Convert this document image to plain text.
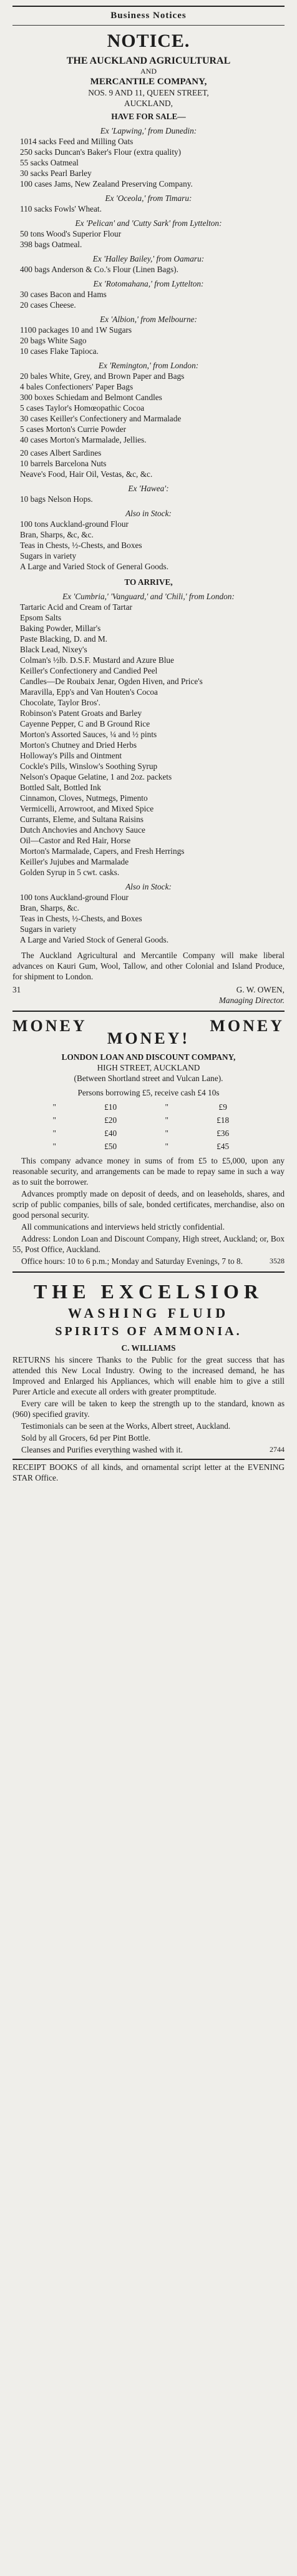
Business Notices
NOTICE.
THE AUCKLAND AGRICULTURAL
AND
MERCANTILE COMPANY,
NOS. 9 AND 11, QUEEN STREET,
AUCKLAND,
HAVE FOR SALE—
Ex 'Lapwing,' from Dunedin:
1014 sacks Feed and Milling Oats
250 sacks Duncan's Baker's Flour (extra quality)
55 sacks Oatmeal
30 sacks Pearl Barley
100 cases Jams, New Zealand Preserving Company.
Ex 'Oceola,' from Timaru:
110 sacks Fowls' Wheat.
Ex 'Pelican' and 'Cutty Sark' from Lyttelton:
50 tons Wood's Superior Flour
398 bags Oatmeal.
Ex 'Halley Bailey,' from Oamaru:
400 bags Anderson & Co.'s Flour (Linen Bags).
Ex 'Rotomahana,' from Lyttelton:
30 cases Bacon and Hams
20 cases Cheese.
Ex 'Albion,' from Melbourne:
1100 packages 10 and 1W Sugars
20 bags White Sago
10 cases Flake Tapioca.
Ex 'Remington,' from London:
20 bales White, Grey, and Brown Paper and Bags
4 bales Confectioners' Paper Bags
300 boxes Schiedam and Belmont Candles
5 cases Taylor's Homœopathic Cocoa
30 cases Keiller's Confectionery and Marmalade
5 cases Morton's Currie Powder
40 cases Morton's Marmalade, Jellies.
20 cases Albert Sardines
10 barrels Barcelona Nuts
Neave's Food, Hair Oil, Vestas, &c, &c.
Ex 'Hawea':
10 bags Nelson Hops.
Also in Stock:
100 tons Auckland-ground Flour
Bran, Sharps, &c, &c.
Teas in Chests, ½-Chests, and Boxes
Sugars in variety
A Large and Varied Stock of General Goods.
TO ARRIVE,
Ex 'Cumbria,' 'Vanguard,' and 'Chili,' from London:
Tartaric Acid and Cream of Tartar
Epsom Salts
Baking Powder, Millar's
Paste Blacking, D. and M.
Black Lead, Nixey's
Colman's ½lb. D.S.F. Mustard and Azure Blue
Keiller's Confectionery and Candied Peel
Candles—De Roubaix Jenar, Ogden Hiven, and Price's
Maravilla, Epp's and Van Houten's Cocoa
Chocolate, Taylor Bros'.
Robinson's Patent Groats and Barley
Cayenne Pepper, C and B Ground Rice
Morton's Assorted Sauces, ¼ and ½ pints
Morton's Chutney and Dried Herbs
Holloway's Pills and Ointment
Cockle's Pills, Winslow's Soothing Syrup
Nelson's Opaque Gelatine, 1 and 2oz. packets
Bottled Salt, Bottled Ink
Cinnamon, Cloves, Nutmegs, Pimento
Vermicelli, Arrowroot, and Mixed Spice
Currants, Eleme, and Sultana Raisins
Dutch Anchovies and Anchovy Sauce
Oil—Castor and Red Hair, Horse
Morton's Marmalade, Capers, and Fresh Herrings
Keiller's Jujubes and Marmalade
Golden Syrup in 5 cwt. casks.
Also in Stock:
100 tons Auckland-ground Flour
Bran, Sharps, &c.
Teas in Chests, ½-Chests, and Boxes
Sugars in variety
A Large and Varied Stock of General Goods.
The Auckland Agricultural and Mercantile Company will make liberal advances on Kauri Gum, Wool, Tallow, and other Colonial and Island Produce, for shipment to London.
31	G. W. OWEN,
Managing Director.
MONEY
MONEY!
MONEY
LONDON LOAN AND DISCOUNT COMPANY,
HIGH STREET, AUCKLAND
(Between Shortland street and Vulcan Lane).
Persons borrowing £5, receive cash £4 10s
"	£10	"	£9
"	£20	"	£18
"	£40	"	£36
"	£50	"	£45
This company advance money in sums of from £5 to £5,000, upon any reasonable security, and arrangements can be made to repay same in such a way as to suit the borrower.
Advances promptly made on deposit of deeds, and on leaseholds, shares, and scrip of public companies, bills of sale, bonded certificates, merchandise, also on good personal security.
All communications and interviews held strictly confidential.
Address: London Loan and Discount Company, High street, Auckland; or, Box 55, Post Office, Auckland.
Office hours: 10 to 6 p.m.; Monday and Saturday Evenings, 7 to 8.	3528
THE EXCELSIOR
WASHING FLUID
SPIRITS OF AMMONIA.
C. WILLIAMS
RETURNS his sincere Thanks to the Public for the great success that has attended this New Local Industry. Owing to the increased demand, he has Improved and Enlarged his Appliances, which will enable him to give a still Purer Article and execute all orders with greater promptitude.
Every care will be taken to keep the strength up to the standard, known as (960) specified gravity.
Testimonials can be seen at the Works, Albert street, Auckland.
Sold by all Grocers, 6d per Pint Bottle.
Cleanses and Purifies everything washed with it.	2744
RECEIPT BOOKS of all kinds, and ornamental script letter at the EVENING STAR Office.
